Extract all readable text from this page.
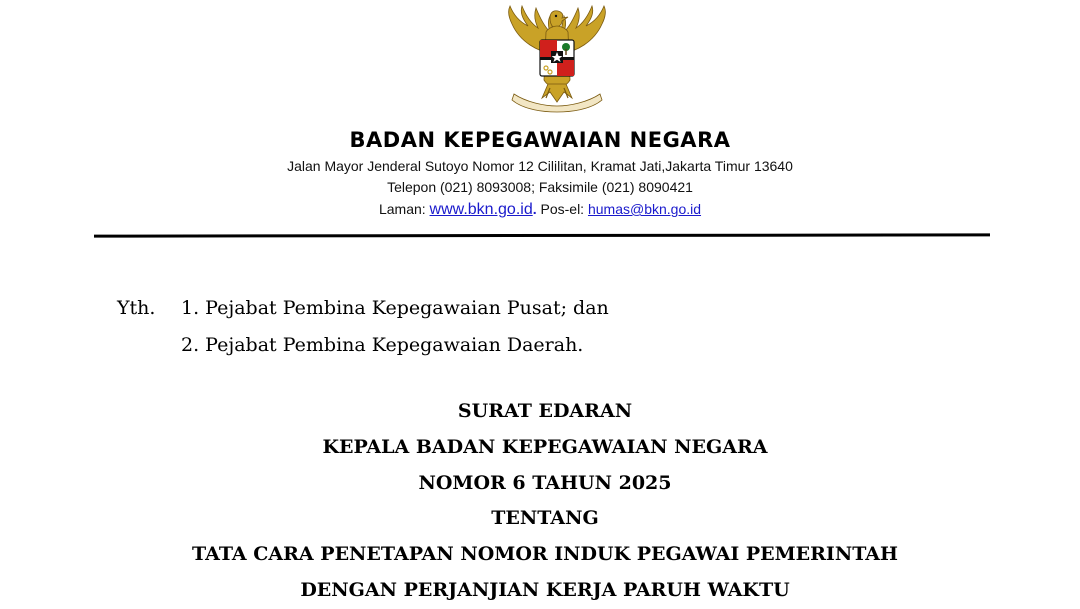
BADAN KEPEGAWAIAN NEGARA
Jalan Mayor Jenderal Sutoyo Nomor 12 Cililitan, Kramat Jati,Jakarta Timur 13640
Telepon (021) 8093008; Faksimile (021) 8090421
Laman: www.bkn.go.id. Pos-el: humas@bkn.go.id
Yth. 1. Pejabat Pembina Kepegawaian Pusat; dan
2. Pejabat Pembina Kepegawaian Daerah.
SURAT EDARAN
KEPALA BADAN KEPEGAWAIAN NEGARA
NOMOR 6 TAHUN 2025
TENTANG
TATA CARA PENETAPAN NOMOR INDUK PEGAWAI PEMERINTAH
DENGAN PERJANJIAN KERJA PARUH WAKTU
